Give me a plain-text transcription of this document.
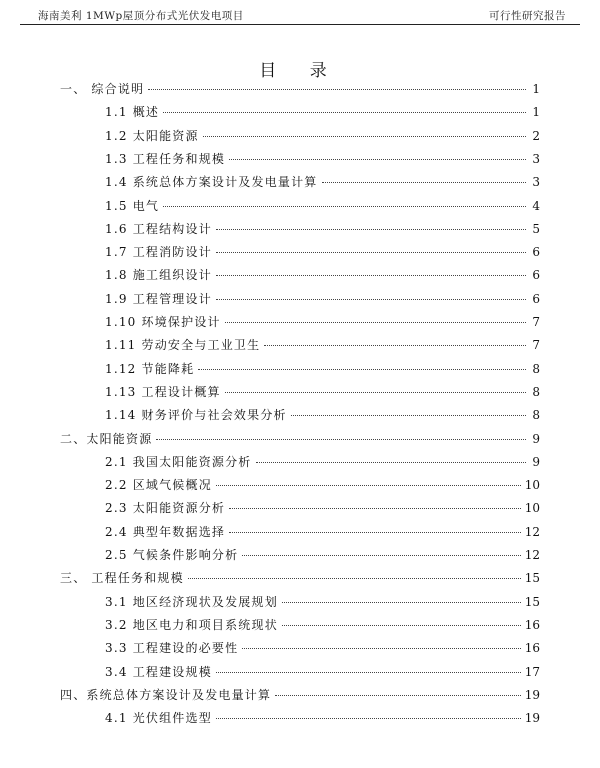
海南美利 1MWp屋顶分布式光伏发电项目	可行性研究报告
目 录
一、 综合说明	1
1.1 概述	1
1.2 太阳能资源	2
1.3 工程任务和规模	3
1.4 系统总体方案设计及发电量计算	3
1.5 电气	4
1.6 工程结构设计	5
1.7 工程消防设计	6
1.8 施工组织设计	6
1.9 工程管理设计	6
1.10 环境保护设计	7
1.11 劳动安全与工业卫生	7
1.12 节能降耗	8
1.13 工程设计概算	8
1.14 财务评价与社会效果分析	8
二、太阳能资源	9
2.1 我国太阳能资源分析	9
2.2 区域气候概况	10
2.3 太阳能资源分析	10
2.4 典型年数据选择	12
2.5 气候条件影响分析	12
三、 工程任务和规模	15
3.1 地区经济现状及发展规划	15
3.2 地区电力和项目系统现状	16
3.3 工程建设的必要性	16
3.4 工程建设规模	17
四、系统总体方案设计及发电量计算	19
4.1 光伏组件选型	19
